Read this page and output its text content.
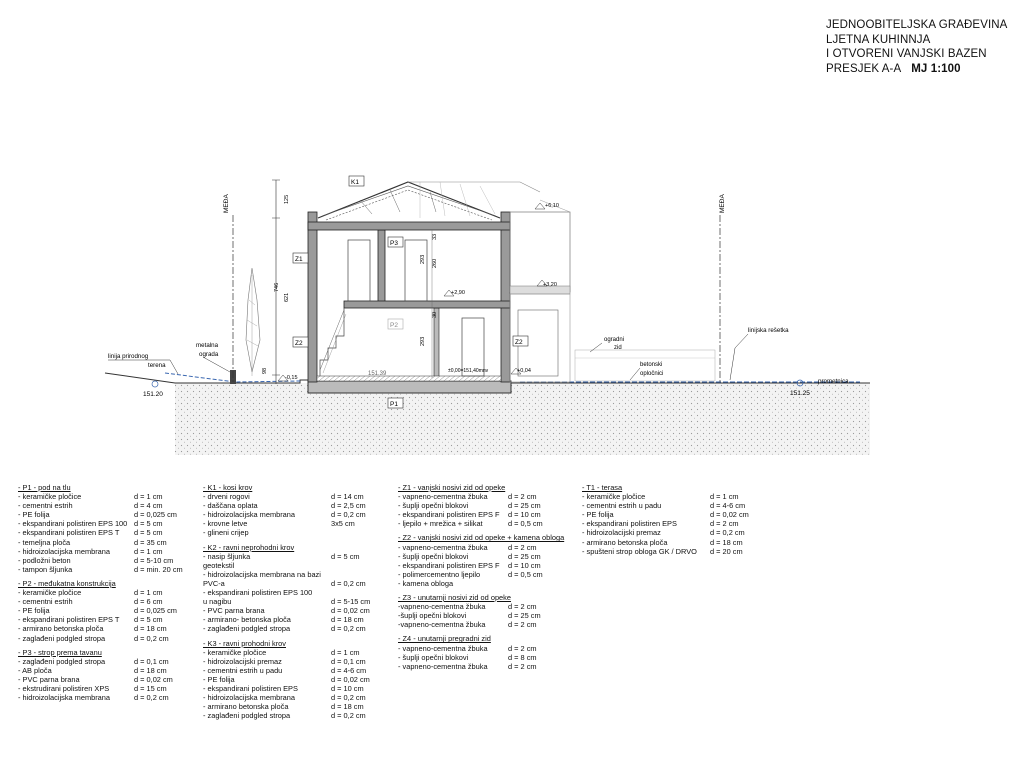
JEDNOOBITELJSKA GRAĐEVINA
LJETNA KUHINNJA
I OTVORENI VANJSKI BAZEN
PRESJEK A-A MJ 1:100
MEĐA	MEĐA
125
746
621
98
33
260
293
30
293
K1
P3
Z1
Z2	Z2
P2
P1
+6,10
+3,20
+2,90
+0,04
±0,00=151,40mnv
-0,15
151.20	151.25
151.39
linija prirodnog
terena
metalna
ograda
ogradni
zid
betonski
opločnici
linijska rešetka
prometnica
- P1 - pod na tlu
- keramičke pločice	d = 1 cm
- cementni estrih	d = 4 cm
- PE folija	d = 0,025 cm
- ekspandirani polistiren EPS 100 d = 5 cm
- ekspandirani polistiren EPS T d = 5 cm
- temeljna ploča	d = 35 cm
- hidroizolacijska membrana	d = 1 cm
- podložni beton	d = 5-10 cm
- tampon šljunka	d = min. 20 cm
- P2 - međukatna konstrukcija
- keramičke pločice	d = 1 cm
- cementni estrih	d = 6 cm
- PE folija	d = 0,025 cm
- ekspandirani polistiren EPS T d = 5 cm
- armirano betonska ploča	d = 18 cm
- zaglađeni podgled stropa	d = 0,2 cm
- P3 - strop prema tavanu
- zaglađeni podgled stropa	d = 0,1 cm
- AB ploča	d = 18 cm
- PVC parna brana	d = 0,02 cm
- ekstrudirani polistiren XPS	d = 15 cm
- hidroizolacijska membrana	d = 0,2 cm
- K1 - kosi krov
- drveni rogovi	d = 14 cm
- daščana oplata	d = 2,5 cm
- hidroizolacijska membrana	d = 0,2 cm
- krovne letve	3x5 cm
- glineni crijep
- K2 - ravni neprohodni krov
- nasip šljunka	d = 5 cm
geotekstil
- hidroizolacijska membrana na bazi
PVC-a	d = 0,2 cm
- ekspandirani polistiren EPS 100
u nagibu	d = 5-15 cm
- PVC parna brana	d = 0,02 cm
- armirano- betonska ploča	d = 18 cm
- zaglađeni podgled stropa	d = 0,2 cm
- K3 - ravni prohodni krov
- keramičke pločice	d = 1 cm
- hidroizolacijski premaz	d = 0,1 cm
- cementni estrih u padu	d = 4-6 cm
- PE folija	d = 0,02 cm
- ekspandirani polistiren EPS	d = 10 cm
- hidroizolacijska membrana	d = 0,2 cm
- armirano betonska ploča	d = 18 cm
- zaglađeni podgled stropa	d = 0,2 cm
- Z1 - vanjski nosivi zid od opeke
- vapneno-cementna žbuka	d = 2 cm
- šuplji opečni blokovi	d = 25 cm
- ekspandirani polistiren EPS F d = 10 cm
- ljepilo + mrežica + silikat	d = 0,5 cm
- Z2 - vanjski nosivi zid od opeke + kamena obloga
- vapneno-cementna žbuka	d = 2 cm
- šuplji opečni blokovi	d = 25 cm
- ekspandirani polistiren EPS F d = 10 cm
- polimercementno ljepilo	d = 0,5 cm
- kamena obloga
- Z3 - unutarnji nosivi zid od opeke
-vapneno-cementna žbuka	d = 2 cm
-šuplji opečni blokovi	d = 25 cm
-vapneno-cementna žbuka	d = 2 cm
- Z4 - unutarnji pregradni zid
- vapneno-cementna žbuka	d = 2 cm
- šuplji opečni blokovi	d = 8 cm
- vapneno-cementna žbuka	d = 2 cm
- T1 - terasa
- keramičke pločice	d = 1 cm
- cementni estrih u padu	d = 4-6 cm
- PE folija	d = 0,02 cm
- ekspandirani polistiren EPS	d = 2 cm
- hidroizolacijski premaz	d = 0,2 cm
- armirano betonska ploča	d = 18 cm
- spušteni strop obloga GK / DRVO d = 20 cm
